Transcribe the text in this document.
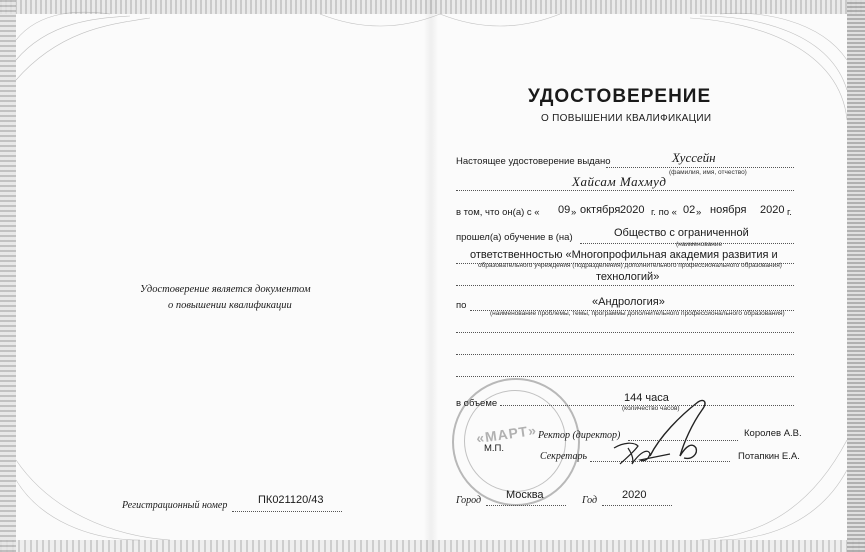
УДОСТОВЕРЕНИЕ
О ПОВЫШЕНИИ КВАЛИФИКАЦИИ
Настоящее удостоверение выдано	Хуссейн
(фамилия, имя, отчество)
Хайсам Махмуд
в том, что он(а) с « 09 » октября 2020 г. по « 02 » ноября 2020 г.
прошел(а) обучение в (на)	Общество с ограниченной
(наименование
ответственностью «Многопрофильная академия развития и
образовательного учреждения (подразделения) дополнительного профессионального образования)
технологий»
по	«Андрология»
(наименование проблемы, темы, программы дополнительного профессионального образования)
«МАРТ»
в объеме	144 часа
(количество часов)
М.П.
Ректор (директор)	Королев А.В.
Секретарь	Потапкин Е.А.
Город Москва	Год 2020
Удостоверение является документом
о повышении квалификации
Регистрационный номер	ПК021120/43
